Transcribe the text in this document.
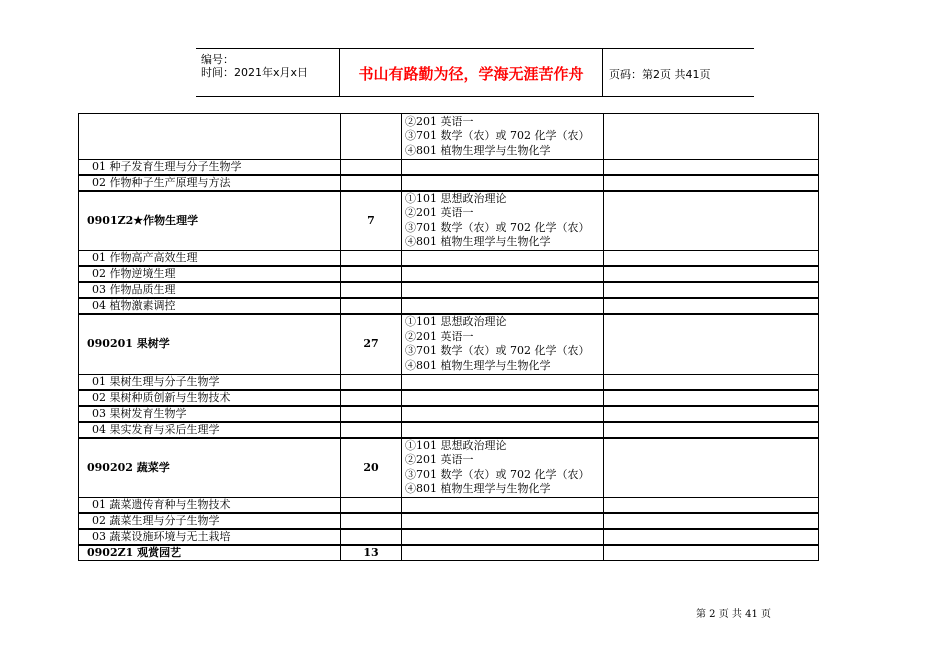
编号：
时间：2021年x月x日	书山有路勤为径，学海无涯苦作舟	页码：第2页 共41页

		②201 英语一
③701 数学（农）或 702 化学（农）
④801 植物生理学与生物化学	

01 种子发育生理与分子生物学			
02 作物种子生产原理与方法			
0901Z2★作物生理学	7	①101 思想政治理论
②201 英语一
③701 数学（农）或 702 化学（农）
④801 植物生理学与生物化学	

01 作物高产高效生理			
02 作物逆境生理			
03 作物品质生理			
04 植物激素调控			
090201 果树学	27	①101 思想政治理论
②201 英语一
③701 数学（农）或 702 化学（农）
④801 植物生理学与生物化学	

01 果树生理与分子生物学			
02 果树种质创新与生物技术			
03 果树发育生物学			
04 果实发育与采后生理学			
090202 蔬菜学	20	①101 思想政治理论
②201 英语一
③701 数学（农）或 702 化学（农）
④801 植物生理学与生物化学	

01 蔬菜遗传育种与生物技术			
02 蔬菜生理与分子生物学			
03 蔬菜设施环境与无土栽培			
0902Z1 观赏园艺	13		
第 2 页 共 41 页
